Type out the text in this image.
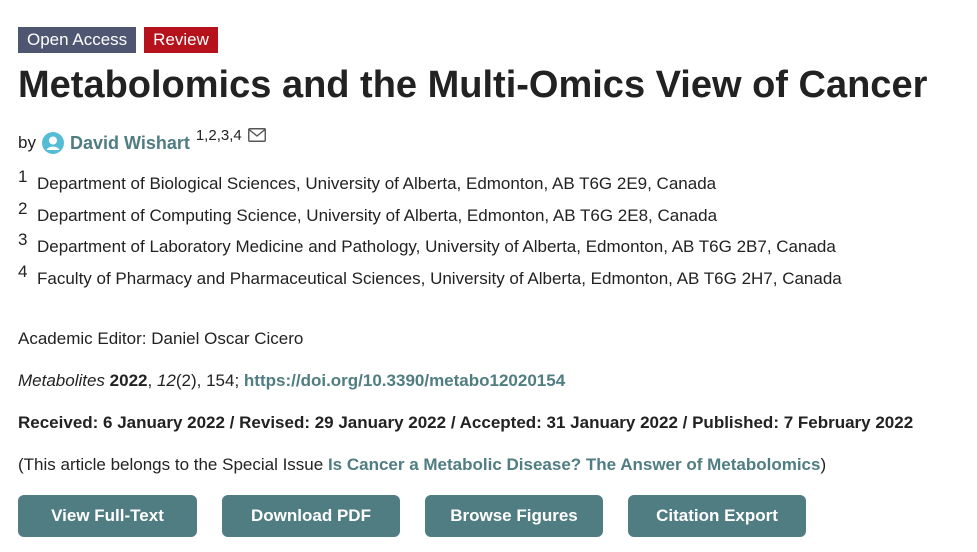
Open Access	Review
Metabolomics and the Multi-Omics View of Cancer
by David Wishart 1,2,3,4
1 Department of Biological Sciences, University of Alberta, Edmonton, AB T6G 2E9, Canada
2 Department of Computing Science, University of Alberta, Edmonton, AB T6G 2E8, Canada
3 Department of Laboratory Medicine and Pathology, University of Alberta, Edmonton, AB T6G 2B7, Canada
4 Faculty of Pharmacy and Pharmaceutical Sciences, University of Alberta, Edmonton, AB T6G 2H7, Canada
Academic Editor: Daniel Oscar Cicero
Metabolites 2022, 12(2), 154; https://doi.org/10.3390/metabo12020154
Received: 6 January 2022 / Revised: 29 January 2022 / Accepted: 31 January 2022 / Published: 7 February 2022
(This article belongs to the Special Issue Is Cancer a Metabolic Disease? The Answer of Metabolomics)
View Full-Text	Download PDF	Browse Figures	Citation Export
